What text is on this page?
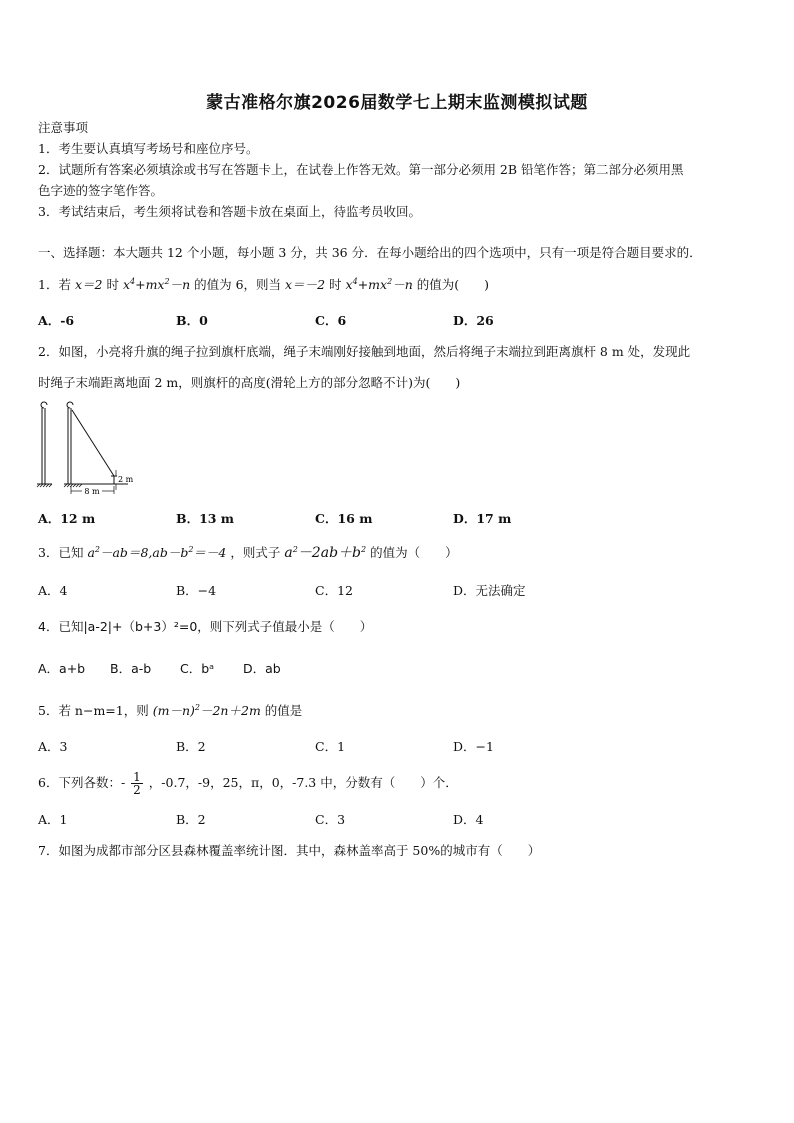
蒙古准格尔旗2026届数学七上期末监测模拟试题
注意事项
1．考生要认真填写考场号和座位序号。
2．试题所有答案必须填涂或书写在答题卡上，在试卷上作答无效。第一部分必须用 2B 铅笔作答；第二部分必须用黑
色字迹的签字笔作答。
3．考试结束后，考生须将试卷和答题卡放在桌面上，待监考员收回。
一、选择题：本大题共 12 个小题，每小题 3 分，共 36 分．在每小题给出的四个选项中，只有一项是符合题目要求的．
1．若 x＝2 时 $x^4+mx^2-n$ 的值为 6，则当 x＝－2 时 $x^4+mx^2-n$ 的值为(　　)
A．-6	B．0	C．6	D．26
2．如图，小亮将升旗的绳子拉到旗杆底端，绳子末端刚好接触到地面，然后将绳子末端拉到距离旗杆 8 m 处，发现此
时绳子末端距离地面 2 m，则旗杆的高度(滑轮上方的部分忽略不计)为(　　)
8 m
2 m
A．12 m	B．13 m	C．16 m	D．17 m
3．已知 $a^2-ab=8,ab-b^2=-4$ ，则式子 $a^2-2ab+b^2$ 的值为（　　）
A．4	B．−4	C．12	D．无法确定
4．已知|a-2|+（b+3）²=0，则下列式子值最小是（　　）
A．a+b B．a-b C．bᵃ D．ab
5．若 n−m=1，则 $(m-n)^2-2n+2m$ 的值是
A．3	B．2	C．1	D．−1
6．下列各数：- $\frac{1}{2}$ ，-0.7，-9，25，π，0，-7.3 中，分数有（　　）个．
A．1	B．2	C．3	D．4
7．如图为成都市部分区县森林覆盖率统计图．其中，森林盖率高于 50%的城市有（　　）
